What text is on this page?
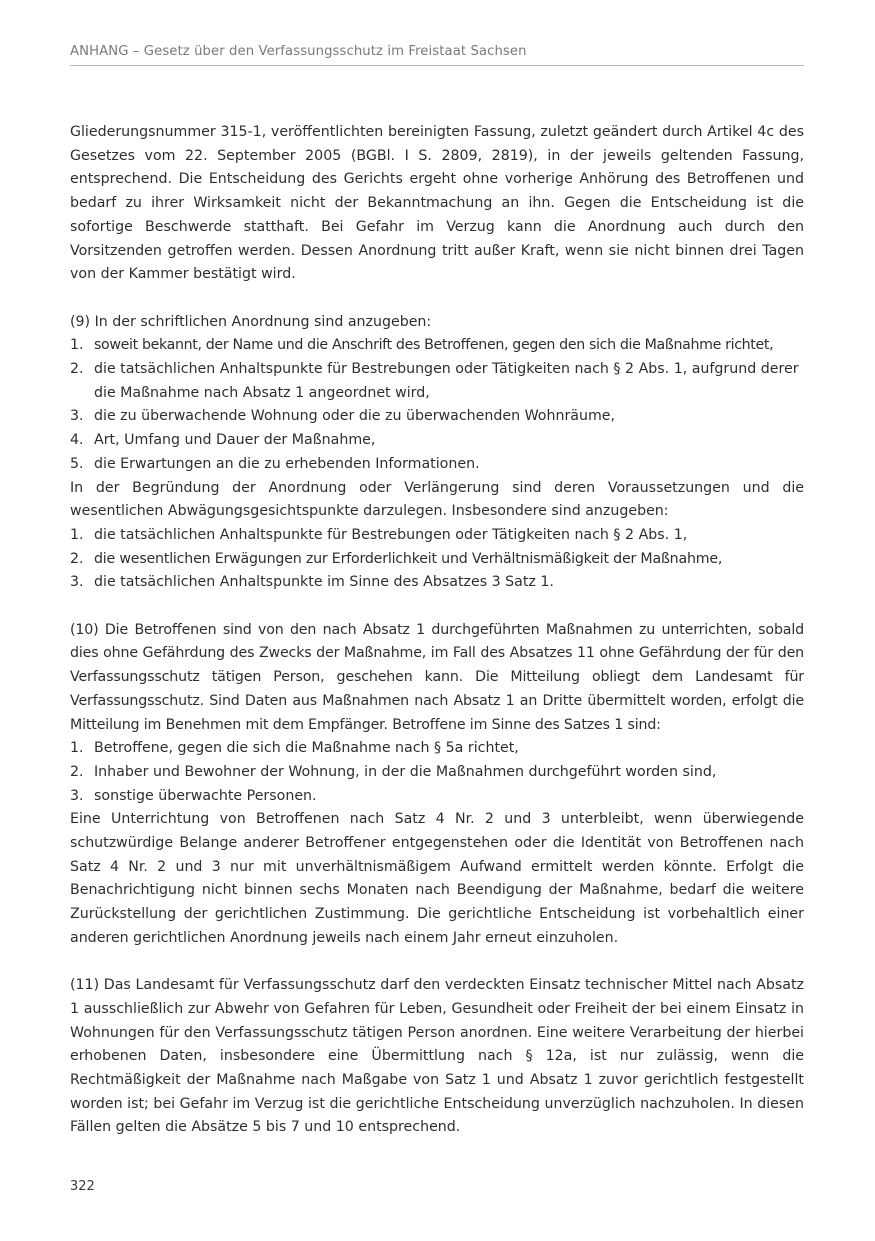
ANHANG – Gesetz über den Verfassungsschutz im Freistaat Sachsen

Gliederungsnummer 315-1, veröffentlichten bereinigten Fassung, zuletzt geändert durch Artikel 4c des Gesetzes vom 22. September 2005 (BGBl. I S. 2809, 2819), in der jeweils geltenden Fassung, entsprechend. Die Entscheidung des Gerichts ergeht ohne vorherige Anhörung des Betroffenen und bedarf zu ihrer Wirksamkeit nicht der Bekanntmachung an ihn. Gegen die Entscheidung ist die sofortige Beschwerde statthaft. Bei Gefahr im Verzug kann die Anordnung auch durch den Vorsitzenden getroffen werden. Dessen Anordnung tritt außer Kraft, wenn sie nicht binnen drei Tagen von der Kammer bestätigt wird.

(9) In der schriftlichen Anordnung sind anzugeben:

1. soweit bekannt, der Name und die Anschrift des Betroffenen, gegen den sich die Maßnahme richtet,

2. die tatsächlichen Anhaltspunkte für Bestrebungen oder Tätigkeiten nach § 2 Abs. 1, aufgrund derer die Maßnahme nach Absatz 1 angeordnet wird,

3. die zu überwachende Wohnung oder die zu überwachenden Wohnräume,

4. Art, Umfang und Dauer der Maßnahme,

5. die Erwartungen an die zu erhebenden Informationen.

In der Begründung der Anordnung oder Verlängerung sind deren Voraussetzungen und die wesentlichen Abwägungsgesichtspunkte darzulegen. Insbesondere sind anzugeben:

1. die tatsächlichen Anhaltspunkte für Bestrebungen oder Tätigkeiten nach § 2 Abs. 1,

2. die wesentlichen Erwägungen zur Erforderlichkeit und Verhältnismäßigkeit der Maßnahme,

3. die tatsächlichen Anhaltspunkte im Sinne des Absatzes 3 Satz 1.

(10) Die Betroffenen sind von den nach Absatz 1 durchgeführten Maßnahmen zu unterrichten, sobald dies ohne Gefährdung des Zwecks der Maßnahme, im Fall des Absatzes 11 ohne Gefährdung der für den Verfassungsschutz tätigen Person, geschehen kann. Die Mitteilung obliegt dem Landesamt für Verfassungsschutz. Sind Daten aus Maßnahmen nach Absatz 1 an Dritte übermittelt worden, erfolgt die Mitteilung im Benehmen mit dem Empfänger. Betroffene im Sinne des Satzes 1 sind:

1. Betroffene, gegen die sich die Maßnahme nach § 5a richtet,

2. Inhaber und Bewohner der Wohnung, in der die Maßnahmen durchgeführt worden sind,

3. sonstige überwachte Personen.

Eine Unterrichtung von Betroffenen nach Satz 4 Nr. 2 und 3 unterbleibt, wenn überwiegende schutzwürdige Belange anderer Betroffener entgegenstehen oder die Identität von Betroffenen nach Satz 4 Nr. 2 und 3 nur mit unverhältnismäßigem Aufwand ermittelt werden könnte. Erfolgt die Benachrichtigung nicht binnen sechs Monaten nach Beendigung der Maßnahme, bedarf die weitere Zurückstellung der gerichtlichen Zustimmung. Die gerichtliche Entscheidung ist vorbehaltlich einer anderen gerichtlichen Anordnung jeweils nach einem Jahr erneut einzuholen.

(11) Das Landesamt für Verfassungsschutz darf den verdeckten Einsatz technischer Mittel nach Absatz 1 ausschließlich zur Abwehr von Gefahren für Leben, Gesundheit oder Freiheit der bei einem Einsatz in Wohnungen für den Verfassungsschutz tätigen Person anordnen. Eine weitere Verarbeitung der hierbei erhobenen Daten, insbesondere eine Übermittlung nach § 12a, ist nur zulässig, wenn die Rechtmäßigkeit der Maßnahme nach Maßgabe von Satz 1 und Absatz 1 zuvor gerichtlich festgestellt worden ist; bei Gefahr im Verzug ist die gerichtliche Entscheidung unverzüglich nachzuholen. In diesen Fällen gelten die Absätze 5 bis 7 und 10 entsprechend.

322
